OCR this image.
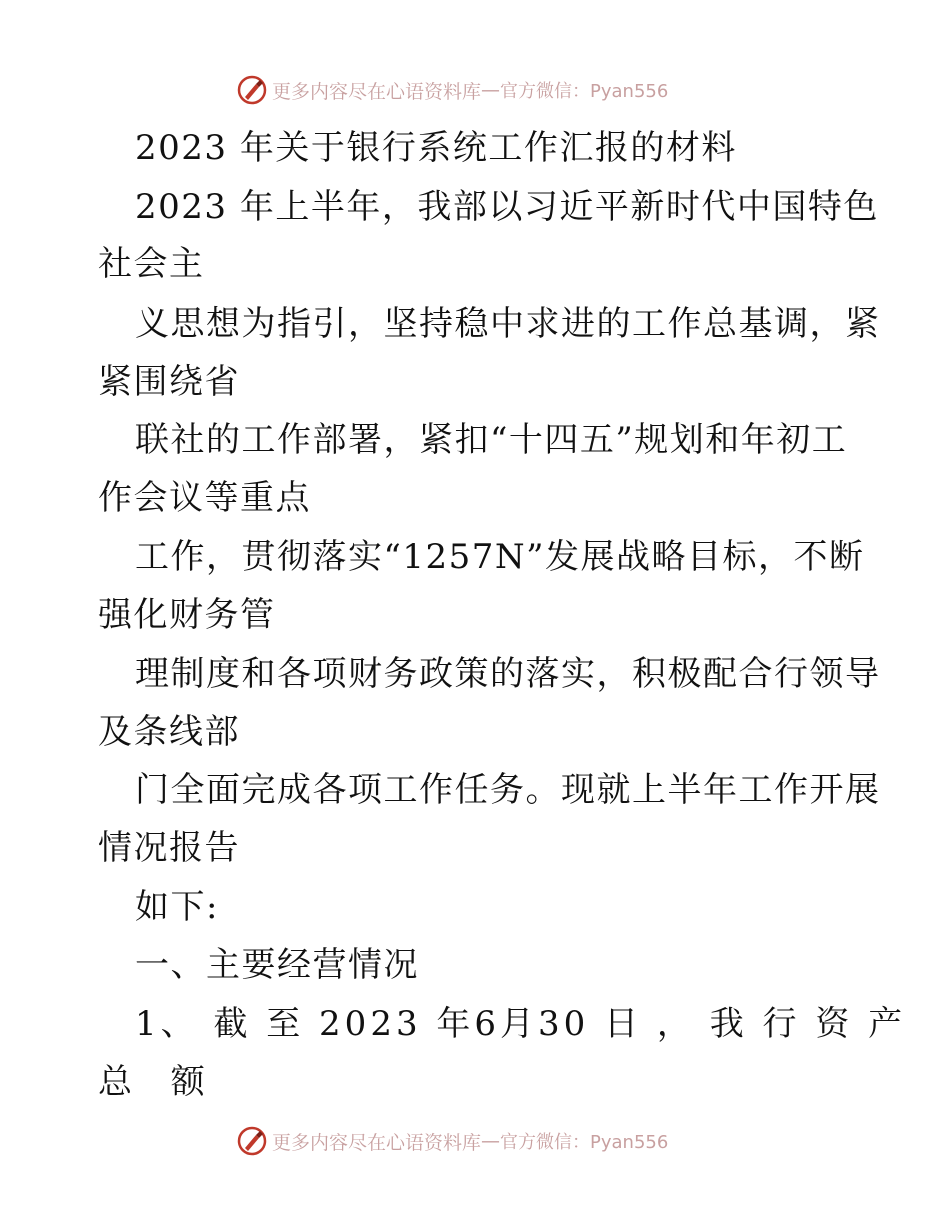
更多内容尽在心语资料库 — 官方微信：Pyan556
2023 年关于银行系统工作汇报的材料
2023 年上半年，我部以习近平新时代中国特色
社会主
义思想为指引，坚持稳中求进的工作总基调，紧
紧围绕省
联社的工作部署，紧扣“十四五”规划和年初工
作会议等重点
工作，贯彻落实“1257N”发展战略目标，不断
强化财务管
理制度和各项财务政策的落实，积极配合行领导
及条线部
门全面完成各项工作任务。现就上半年工作开展
情况报告
如下:
一、主要经营情况
1、 截 至 2023 年6月30 日 ， 我 行 资 产
总 额
更多内容尽在心语资料库 — 官方微信：Pyan556
